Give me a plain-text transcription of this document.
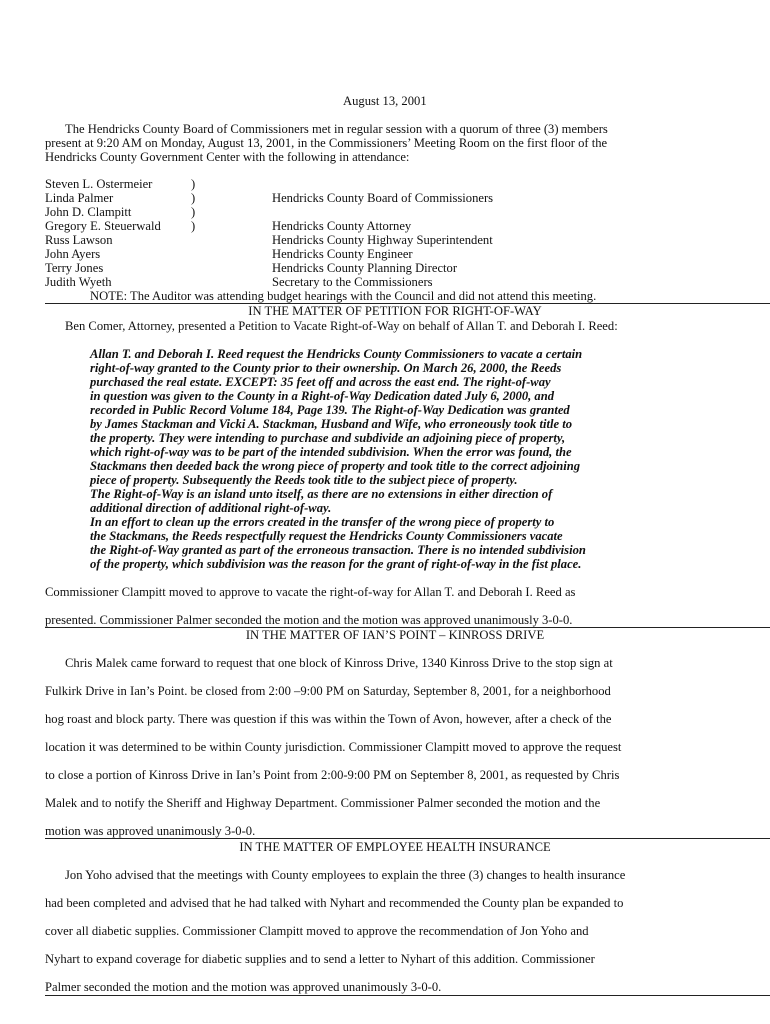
August 13, 2001
The Hendricks County Board of Commissioners met in regular session with a quorum of three (3) members
present at 9:20 AM on Monday, August 13, 2001, in the Commissioners’ Meeting Room on the first floor of the
Hendricks County Government Center with the following in attendance:
Steven L. Ostermeier
Linda Palmer
John D. Clampitt
Gregory E. Steuerwald
Russ Lawson
John Ayers
Terry Jones
Judith Wyeth
)
)
)
)
Hendricks County Board of Commissioners
Hendricks County Attorney
Hendricks County Highway Superintendent
Hendricks County Engineer
Hendricks County Planning Director
Secretary to the Commissioners
NOTE: The Auditor was attending budget hearings with the Council and did not attend this meeting.
IN THE MATTER OF PETITION FOR RIGHT-OF-WAY
Ben Comer, Attorney, presented a Petition to Vacate Right-of-Way on behalf of Allan T. and Deborah I. Reed:
Allan T. and Deborah I. Reed request the Hendricks County Commissioners to vacate a certain
right-of-way granted to the County prior to their ownership. On March 26, 2000, the Reeds
purchased the real estate. EXCEPT: 35 feet off and across the east end. The right-of-way
in question was given to the County in a Right-of-Way Dedication dated July 6, 2000, and
recorded in Public Record Volume 184, Page 139. The Right-of-Way Dedication was granted
by James Stackman and Vicki A. Stackman, Husband and Wife, who erroneously took title to
the property. They were intending to purchase and subdivide an adjoining piece of property,
which right-of-way was to be part of the intended subdivision. When the error was found, the
Stackmans then deeded back the wrong piece of property and took title to the correct adjoining
piece of property. Subsequently the Reeds took title to the subject piece of property.
The Right-of-Way is an island unto itself, as there are no extensions in either direction of
additional direction of additional right-of-way.
In an effort to clean up the errors created in the transfer of the wrong piece of property to
the Stackmans, the Reeds respectfully request the Hendricks County Commissioners vacate
the Right-of-Way granted as part of the erroneous transaction. There is no intended subdivision
of the property, which subdivision was the reason for the grant of right-of-way in the fist place.
Commissioner Clampitt moved to approve to vacate the right-of-way for Allan T. and Deborah I. Reed as
presented. Commissioner Palmer seconded the motion and the motion was approved unanimously 3-0-0.
IN THE MATTER OF IAN’S POINT – KINROSS DRIVE
Chris Malek came forward to request that one block of Kinross Drive, 1340 Kinross Drive to the stop sign at
Fulkirk Drive in Ian’s Point. be closed from 2:00 –9:00 PM on Saturday, September 8, 2001, for a neighborhood
hog roast and block party. There was question if this was within the Town of Avon, however, after a check of the
location it was determined to be within County jurisdiction. Commissioner Clampitt moved to approve the request
to close a portion of Kinross Drive in Ian’s Point from 2:00-9:00 PM on September 8, 2001, as requested by Chris
Malek and to notify the Sheriff and Highway Department. Commissioner Palmer seconded the motion and the
motion was approved unanimously 3-0-0.
IN THE MATTER OF EMPLOYEE HEALTH INSURANCE
Jon Yoho advised that the meetings with County employees to explain the three (3) changes to health insurance
had been completed and advised that he had talked with Nyhart and recommended the County plan be expanded to
cover all diabetic supplies. Commissioner Clampitt moved to approve the recommendation of Jon Yoho and
Nyhart to expand coverage for diabetic supplies and to send a letter to Nyhart of this addition. Commissioner
Palmer seconded the motion and the motion was approved unanimously 3-0-0.
